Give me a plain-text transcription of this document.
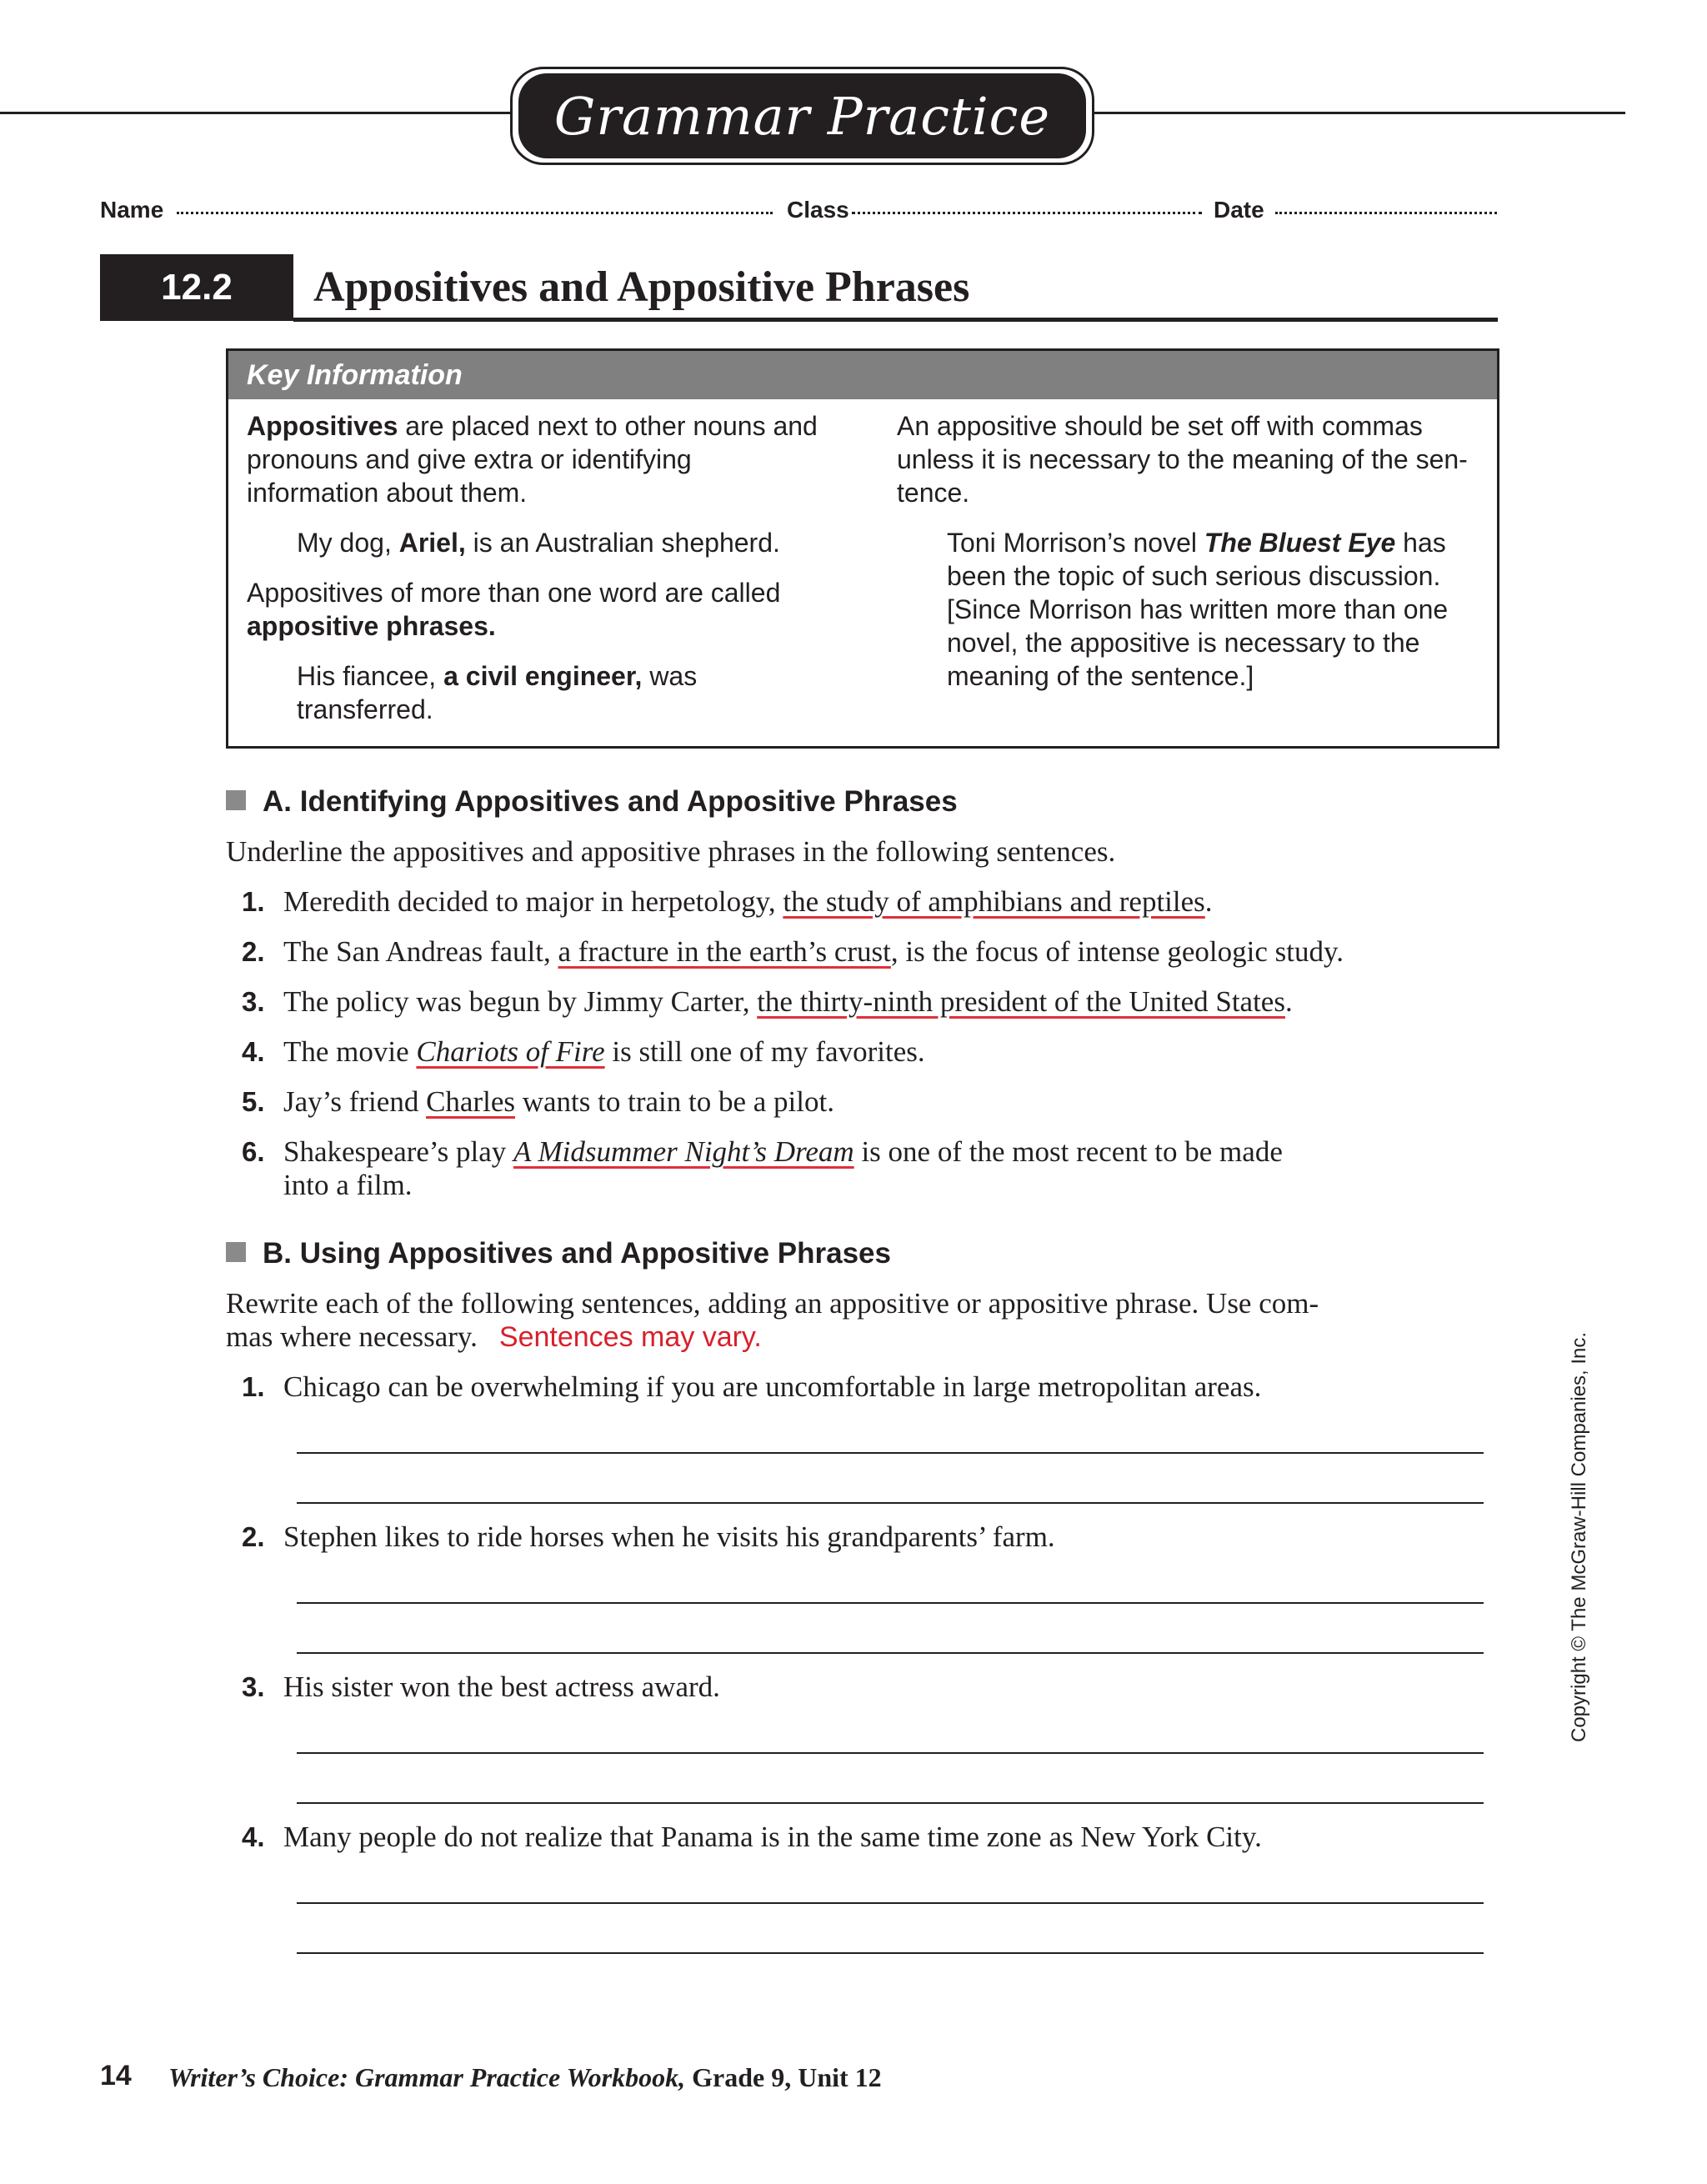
Grammar Practice
Name	Class	Date
12.2	Appositives and Appositive Phrases
Key Information

Appositives are placed next to other nouns and pronouns and give extra or identifying information about them.

My dog, Ariel, is an Australian shepherd.

Appositives of more than one word are called appositive phrases.

His fiancee, a civil engineer, was transferred.

An appositive should be set off with commas unless it is necessary to the meaning of the sen-tence.

Toni Morrison’s novel The Bluest Eye has been the topic of such serious discussion. [Since Morrison has written more than one novel, the appositive is necessary to the meaning of the sentence.]

A. Identifying Appositives and Appositive Phrases
Underline the appositives and appositive phrases in the following sentences.
1. Meredith decided to major in herpetology, the study of amphibians and reptiles.
2. The San Andreas fault, a fracture in the earth’s crust, is the focus of intense geologic study.
3. The policy was begun by Jimmy Carter, the thirty-ninth president of the United States.
4. The movie Chariots of Fire is still one of my favorites.
5. Jay’s friend Charles wants to train to be a pilot.
6. Shakespeare’s play A Midsummer Night’s Dream is one of the most recent to be made
into a film.
B. Using Appositives and Appositive Phrases
Rewrite each of the following sentences, adding an appositive or appositive phrase. Use com-
mas where necessary. Sentences may vary.
1. Chicago can be overwhelming if you are uncomfortable in large metropolitan areas.
2. Stephen likes to ride horses when he visits his grandparents’ farm.
3. His sister won the best actress award.
4. Many people do not realize that Panama is in the same time zone as New York City.
Copyright © The McGraw-Hill Companies, Inc.
14 Writer’s Choice: Grammar Practice Workbook, Grade 9, Unit 12
